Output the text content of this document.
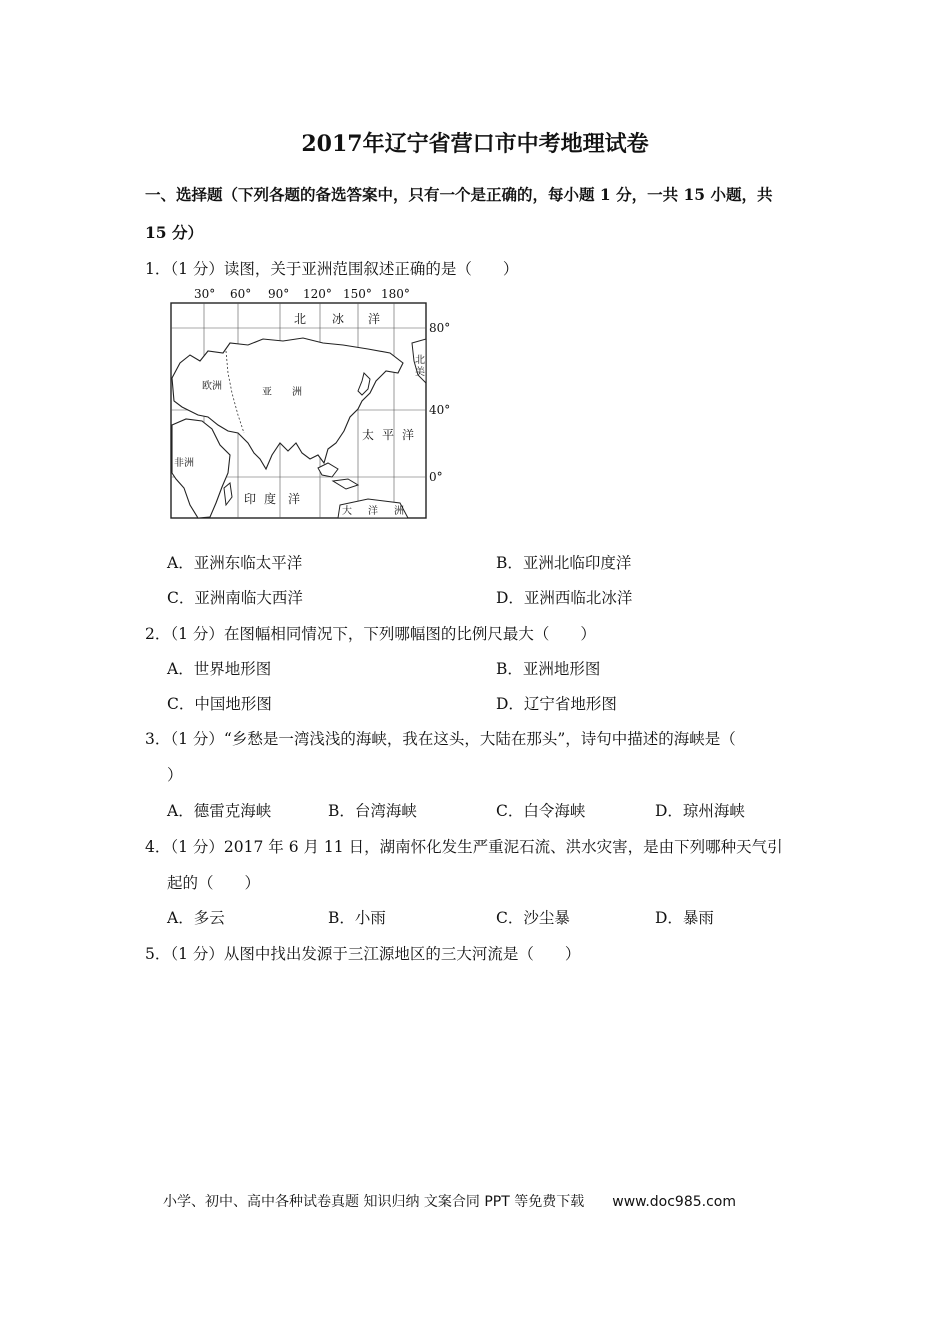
2017年辽宁省营口市中考地理试卷
一、选择题（下列各题的备选答案中，只有一个是正确的，每小题 1 分，一共 15 小题，共
15 分）
1．（1 分）读图，关于亚洲范围叙述正确的是（　　）
30° 60° 90° 120° 150° 180°
80°
40°
0°
北 冰 洋
欧洲
亚 洲
太 平 洋
非洲
印 度 洋
大 洋 洲
北
美
A．亚洲东临太平洋	B．亚洲北临印度洋
C．亚洲南临大西洋	D．亚洲西临北冰洋
2．（1 分）在图幅相同情况下，下列哪幅图的比例尺最大（　　）
A．世界地形图	B．亚洲地形图
C．中国地形图	D．辽宁省地形图
3．（1 分）“乡愁是一湾浅浅的海峡，我在这头，大陆在那头”，诗句中描述的海峡是（
）
A．德雷克海峡	B．台湾海峡	C．白令海峡	D．琼州海峡
4．（1 分）2017 年 6 月 11 日，湖南怀化发生严重泥石流、洪水灾害，是由下列哪种天气引
起的（　　）
A．多云	B．小雨	C．沙尘暴	D．暴雨
5．（1 分）从图中找出发源于三江源地区的三大河流是（　　）
小学、初中、高中各种试卷真题 知识归纳 文案合同 PPT 等免费下载 www.doc985.com
